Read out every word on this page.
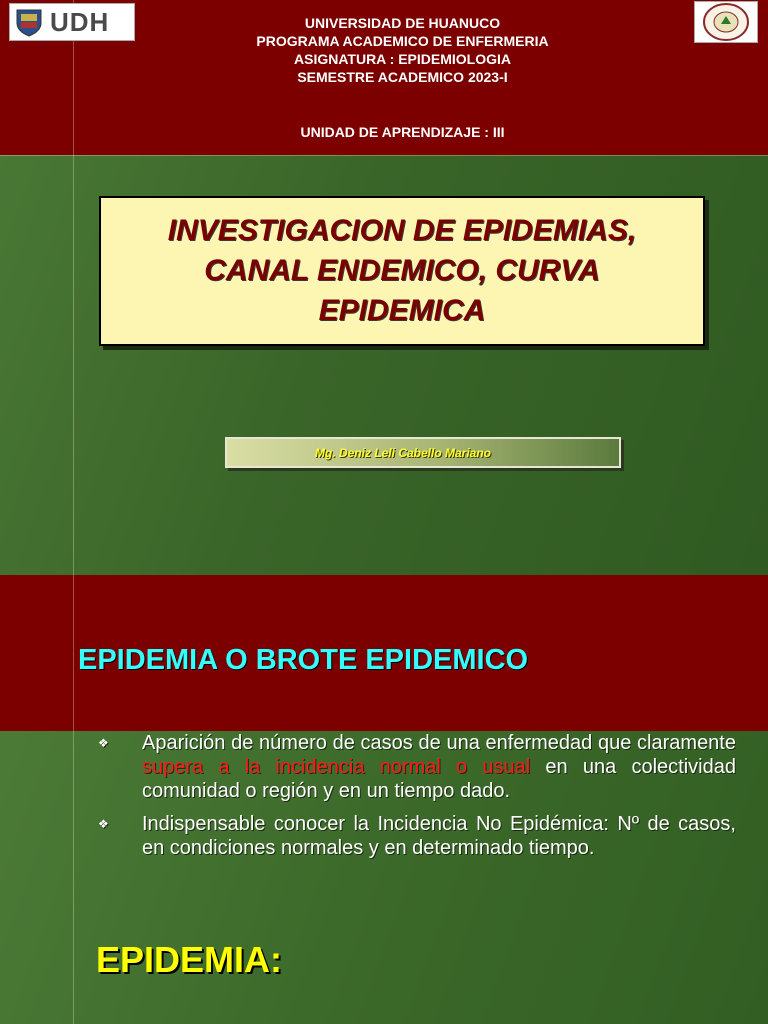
UDH	UNIVERSIDAD DE HUANUCO
PROGRAMA ACADEMICO DE ENFERMERIA
ASIGNATURA : EPIDEMIOLOGIA
SEMESTRE ACADEMICO 2023-I
UNIDAD DE APRENDIZAJE : III
INVESTIGACION DE EPIDEMIAS,
CANAL ENDEMICO, CURVA
EPIDEMICA
Mg. Deniz Leli Cabello Mariano
EPIDEMIA O BROTE EPIDEMICO
❖ Aparición de número de casos de una enfermedad que claramente supera a la incidencia normal o usual en una colectividad comunidad o región y en un tiempo dado.
❖ Indispensable conocer la Incidencia No Epidémica: Nº de casos, en condiciones normales y en determinado tiempo.
EPIDEMIA:
